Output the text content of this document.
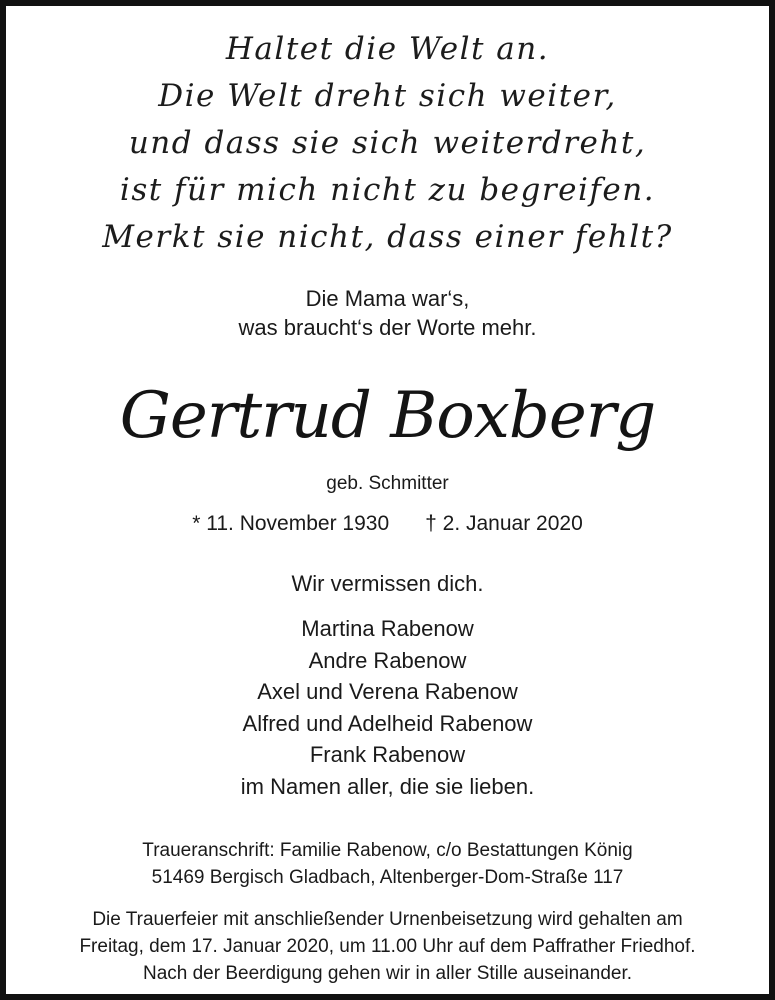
Haltet die Welt an.
Die Welt dreht sich weiter,
und dass sie sich weiterdreht,
ist für mich nicht zu begreifen.
Merkt sie nicht, dass einer fehlt?
Die Mama war‘s,
was braucht‘s der Worte mehr.
Gertrud Boxberg
geb. Schmitter
* 11. November 1930 † 2. Januar 2020
Wir vermissen dich.
Martina Rabenow
Andre Rabenow
Axel und Verena Rabenow
Alfred und Adelheid Rabenow
Frank Rabenow
im Namen aller, die sie lieben.
Traueranschrift: Familie Rabenow, c/o Bestattungen König
51469 Bergisch Gladbach, Altenberger-Dom-Straße 117
Die Trauerfeier mit anschließender Urnenbeisetzung wird gehalten am
Freitag, dem 17. Januar 2020, um 11.00 Uhr auf dem Paffrather Friedhof.
Nach der Beerdigung gehen wir in aller Stille auseinander.
